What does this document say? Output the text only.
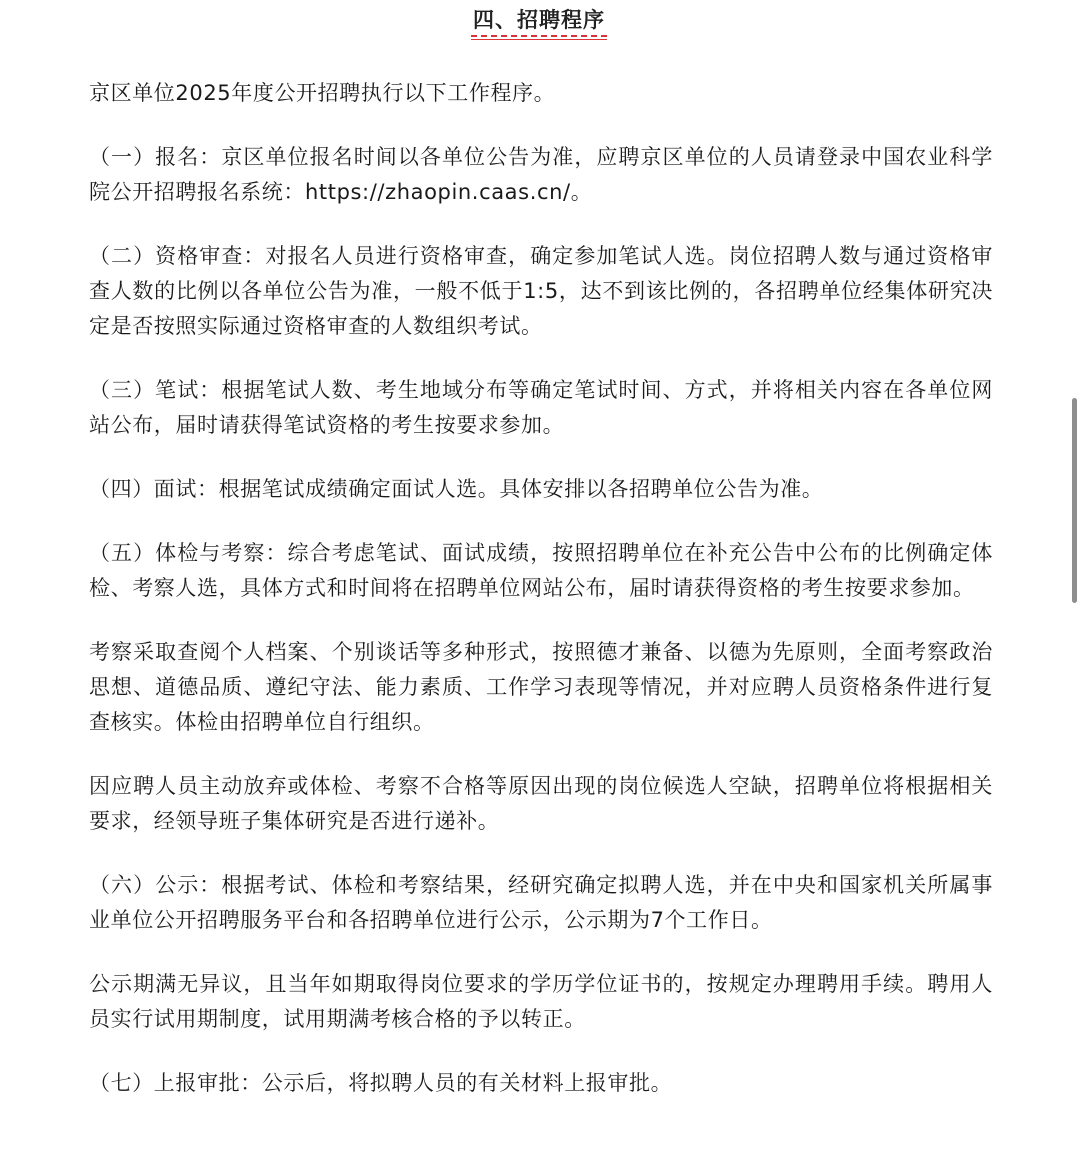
四、招聘程序

京区单位2025年度公开招聘执行以下工作程序。

（一）报名：京区单位报名时间以各单位公告为准，应聘京区单位的人员请登录中国农业科学院公开招聘报名系统：https://zhaopin.caas.cn/。

（二）资格审查：对报名人员进行资格审查，确定参加笔试人选。岗位招聘人数与通过资格审查人数的比例以各单位公告为准，一般不低于1:5，达不到该比例的，各招聘单位经集体研究决定是否按照实际通过资格审查的人数组织考试。

（三）笔试：根据笔试人数、考生地域分布等确定笔试时间、方式，并将相关内容在各单位网站公布，届时请获得笔试资格的考生按要求参加。

（四）面试：根据笔试成绩确定面试人选。具体安排以各招聘单位公告为准。

（五）体检与考察：综合考虑笔试、面试成绩，按照招聘单位在补充公告中公布的比例确定体检、考察人选，具体方式和时间将在招聘单位网站公布，届时请获得资格的考生按要求参加。

考察采取查阅个人档案、个别谈话等多种形式，按照德才兼备、以德为先原则，全面考察政治思想、道德品质、遵纪守法、能力素质、工作学习表现等情况，并对应聘人员资格条件进行复查核实。体检由招聘单位自行组织。

因应聘人员主动放弃或体检、考察不合格等原因出现的岗位候选人空缺，招聘单位将根据相关要求，经领导班子集体研究是否进行递补。

（六）公示：根据考试、体检和考察结果，经研究确定拟聘人选，并在中央和国家机关所属事业单位公开招聘服务平台和各招聘单位进行公示，公示期为7个工作日。

公示期满无异议，且当年如期取得岗位要求的学历学位证书的，按规定办理聘用手续。聘用人员实行试用期制度，试用期满考核合格的予以转正。

（七）上报审批：公示后，将拟聘人员的有关材料上报审批。
